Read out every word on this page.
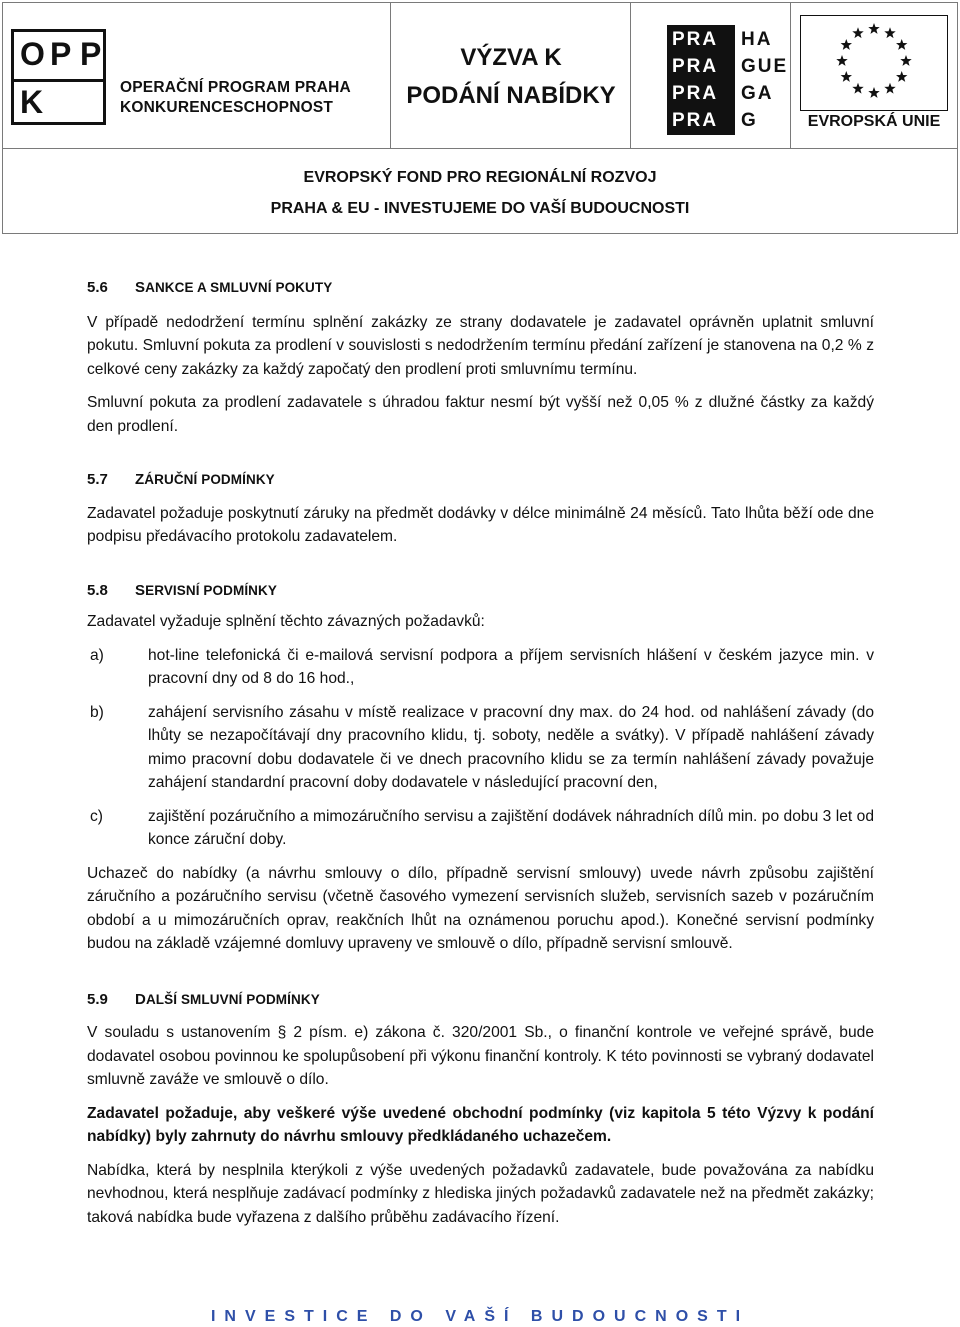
O P P
K	OPERAČNÍ PROGRAM PRAHA
KONKURENCESCHOPNOST
VÝZVA K
PODÁNÍ NABÍDKY
PRA
PRA
PRA
PRA
HA
GUE
GA
G	EVROPSKÁ UNIE
EVROPSKÝ FOND PRO REGIONÁLNÍ ROZVOJ
PRAHA & EU - INVESTUJEME DO VAŠÍ BUDOUCNOSTI
5.6	SANKCE A SMLUVNÍ POKUTY

V případě nedodržení termínu splnění zakázky ze strany dodavatele je zadavatel oprávněn uplatnit smluvní pokutu. Smluvní pokuta za prodlení v souvislosti s nedodržením termínu předání zařízení je stanovena na 0,2 % z celkové ceny zakázky za každý započatý den prodlení proti smluvnímu termínu.

Smluvní pokuta za prodlení zadavatele s úhradou faktur nesmí být vyšší než 0,05 % z dlužné částky za každý den prodlení.

5.7	ZÁRUČNÍ PODMÍNKY

Zadavatel požaduje poskytnutí záruky na předmět dodávky v délce minimálně 24 měsíců. Tato lhůta běží ode dne podpisu předávacího protokolu zadavatelem.

5.8	SERVISNÍ PODMÍNKY

Zadavatel vyžaduje splnění těchto závazných požadavků:

a)	hot-line telefonická či e-mailová servisní podpora a příjem servisních hlášení v českém jazyce min. v pracovní dny od 8 do 16 hod.,
b)	zahájení servisního zásahu v místě realizace v pracovní dny max. do 24 hod. od nahlášení závady (do lhůty se nezapočítávají dny pracovního klidu, tj. soboty, neděle a svátky). V případě nahlášení závady mimo pracovní dobu dodavatele či ve dnech pracovního klidu se za termín nahlášení závady považuje zahájení standardní pracovní doby dodavatele v následující pracovní den,
c)	zajištění pozáručního a mimozáručního servisu a zajištění dodávek náhradních dílů min. po dobu 3 let od konce záruční doby.

Uchazeč do nabídky (a návrhu smlouvy o dílo, případně servisní smlouvy) uvede návrh způsobu zajištění záručního a pozáručního servisu (včetně časového vymezení servisních služeb, servisních sazeb v pozáručním období a u mimozáručních oprav, reakčních lhůt na oznámenou poruchu apod.). Konečné servisní podmínky budou na základě vzájemné domluvy upraveny ve smlouvě o dílo, případně servisní smlouvě.

5.9	DALŠÍ SMLUVNÍ PODMÍNKY

V souladu s ustanovením § 2 písm. e) zákona č. 320/2001 Sb., o finanční kontrole ve veřejné správě, bude dodavatel osobou povinnou ke spolupůsobení při výkonu finanční kontroly. K této povinnosti se vybraný dodavatel smluvně zaváže ve smlouvě o dílo.

Zadavatel požaduje, aby veškeré výše uvedené obchodní podmínky (viz kapitola 5 této Výzvy k podání nabídky) byly zahrnuty do návrhu smlouvy předkládaného uchazečem.

Nabídka, která by nesplnila kterýkoli z výše uvedených požadavků zadavatele, bude považována za nabídku nevhodnou, která nesplňuje zadávací podmínky z hlediska jiných požadavků zadavatele než na předmět zakázky; taková nabídka bude vyřazena z dalšího průběhu zadávacího řízení.

INVESTICE DO VAŠÍ BUDOUCNOSTI
